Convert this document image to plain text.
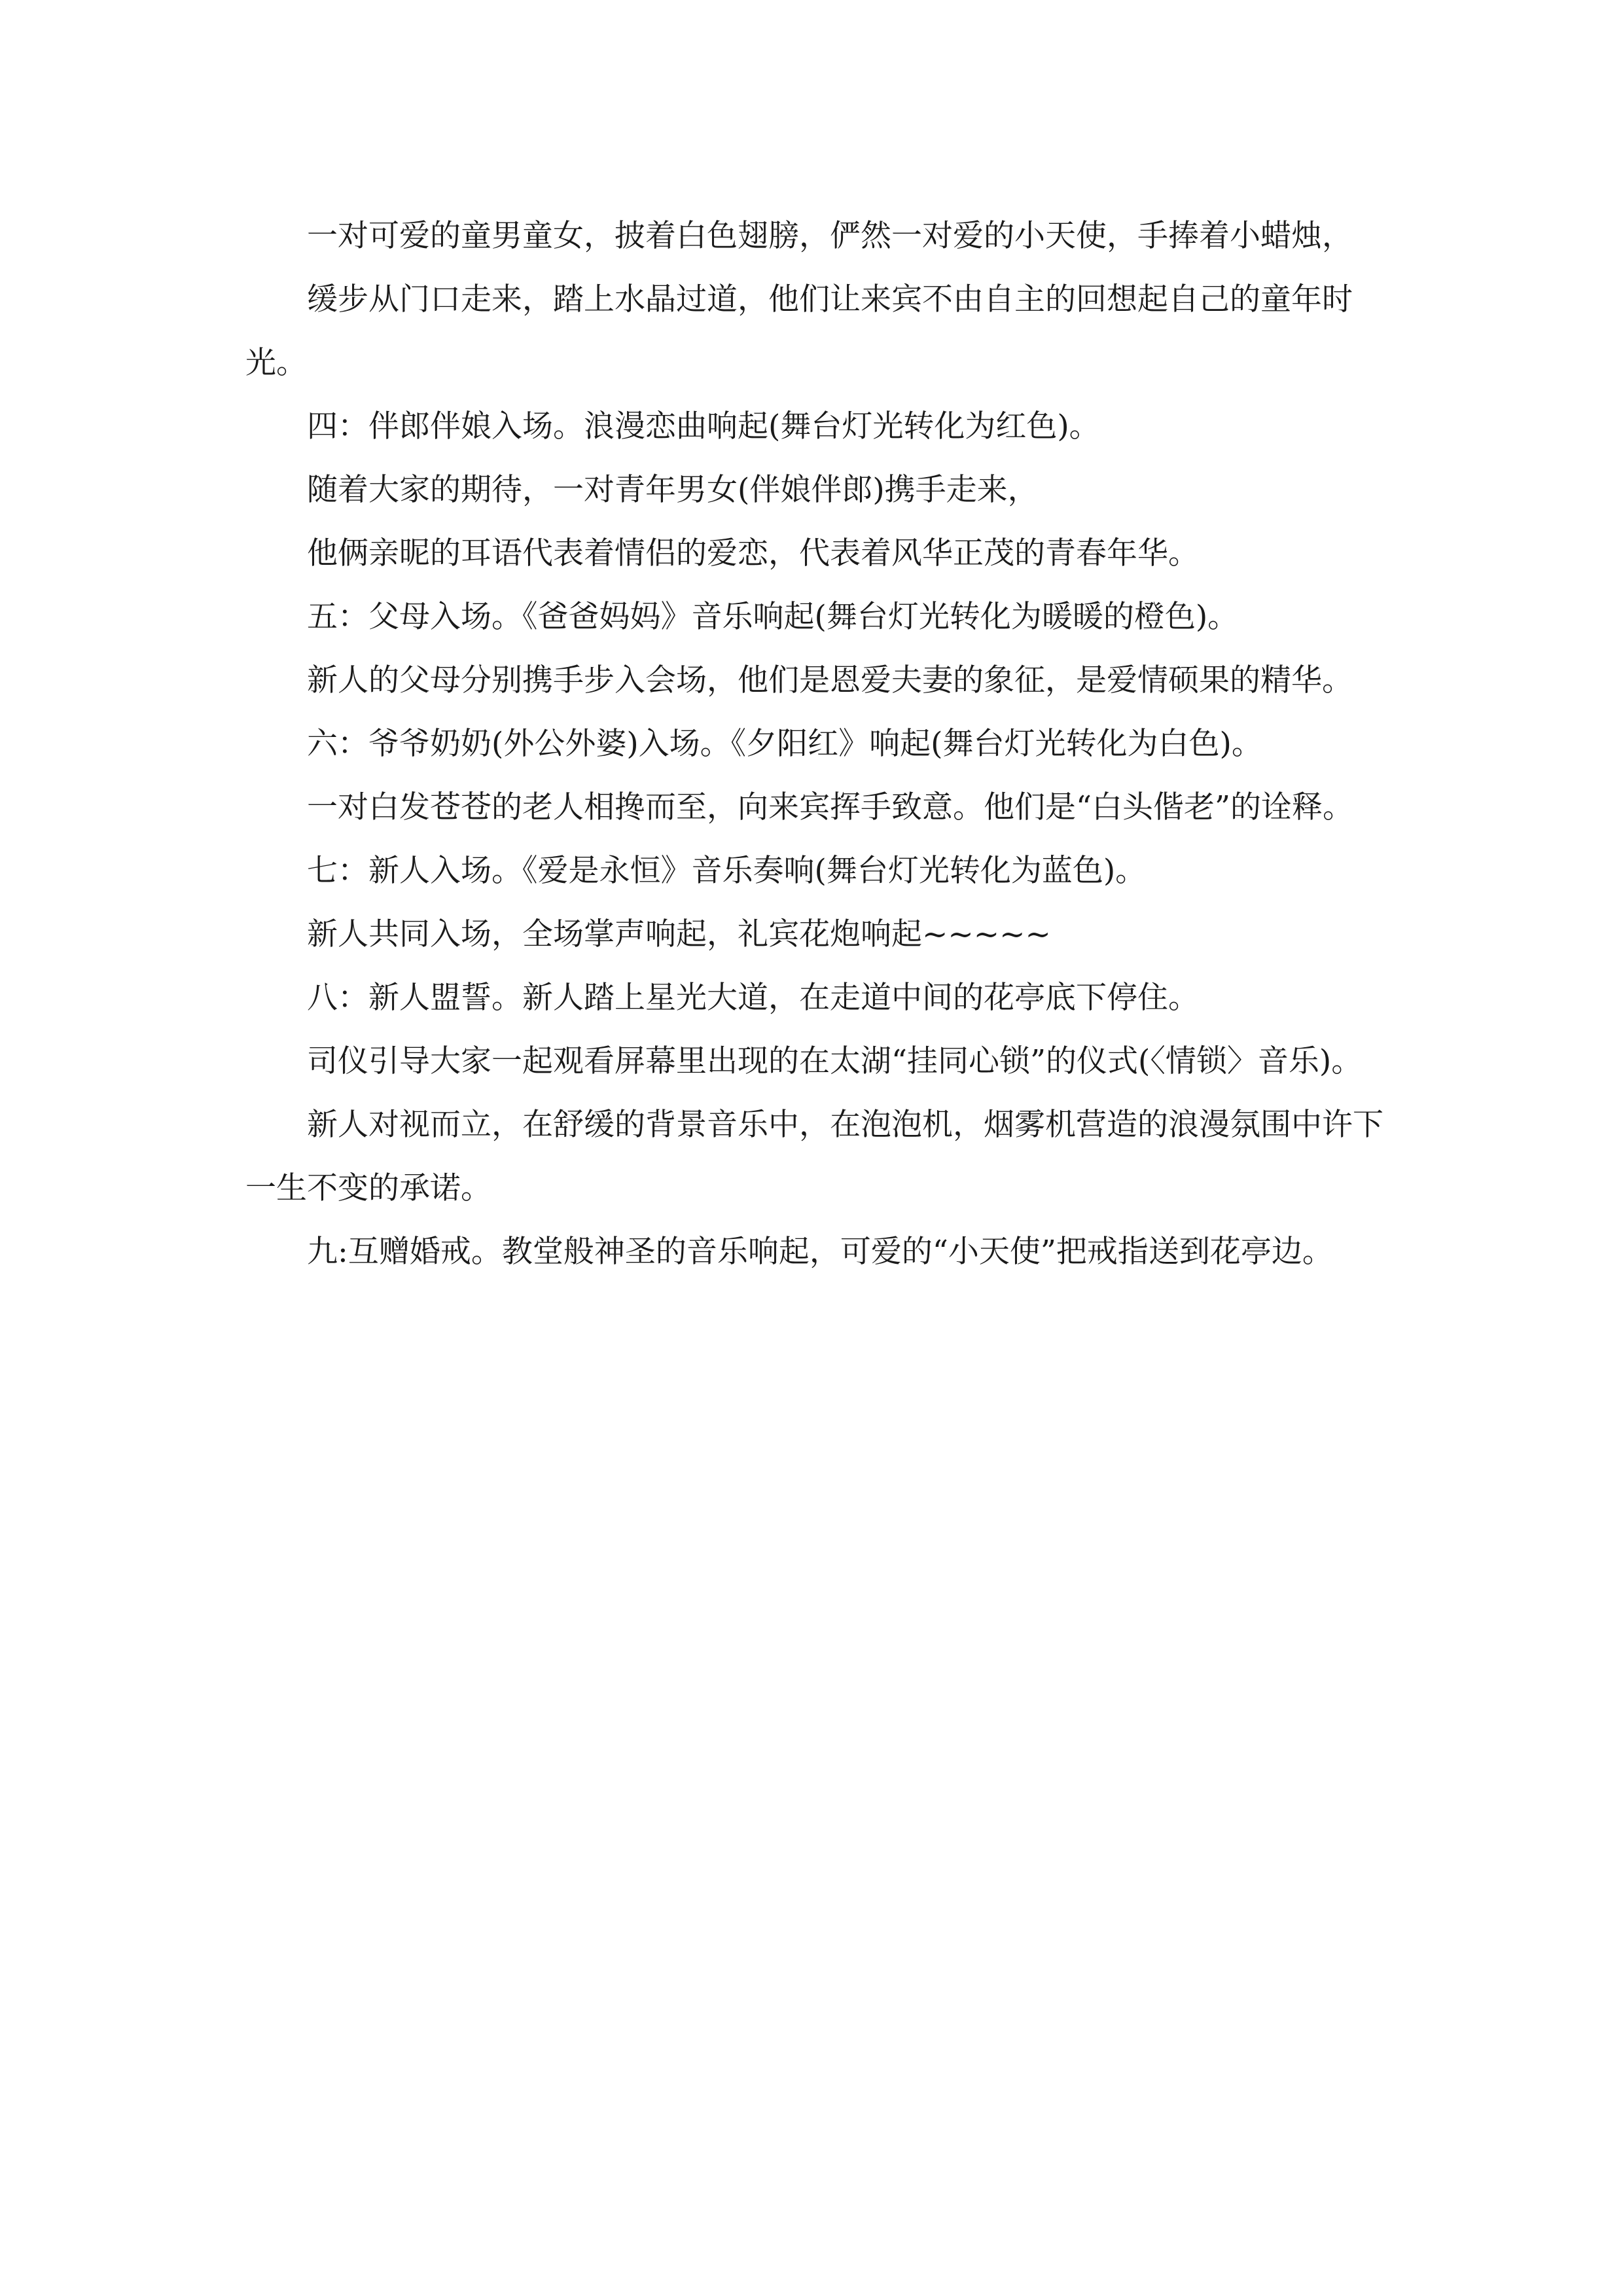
一对可爱的童男童女，披着白色翅膀，俨然一对爱的小天使，手捧着小蜡烛，

缓步从门口走来，踏上水晶过道，他们让来宾不由自主的回想起自己的童年时光。

四：伴郎伴娘入场。浪漫恋曲响起(舞台灯光转化为红色)。

随着大家的期待，一对青年男女(伴娘伴郎)携手走来，

他俩亲昵的耳语代表着情侣的爱恋，代表着风华正茂的青春年华。

五：父母入场。《爸爸妈妈》音乐响起(舞台灯光转化为暖暖的橙色)。

新人的父母分别携手步入会场，他们是恩爱夫妻的象征，是爱情硕果的精华。

六：爷爷奶奶(外公外婆)入场。《夕阳红》响起(舞台灯光转化为白色)。

一对白发苍苍的老人相搀而至，向来宾挥手致意。他们是“白头偕老”的诠释。

七：新人入场。《爱是永恒》音乐奏响(舞台灯光转化为蓝色)。

新人共同入场，全场掌声响起，礼宾花炮响起~~~~~

八：新人盟誓。新人踏上星光大道，在走道中间的花亭底下停住。

司仪引导大家一起观看屏幕里出现的在太湖“挂同心锁”的仪式(〈情锁〉音乐)。

新人对视而立，在舒缓的背景音乐中，在泡泡机，烟雾机营造的浪漫氛围中许下一生不变的承诺。

九:互赠婚戒。教堂般神圣的音乐响起，可爱的“小天使”把戒指送到花亭边。
